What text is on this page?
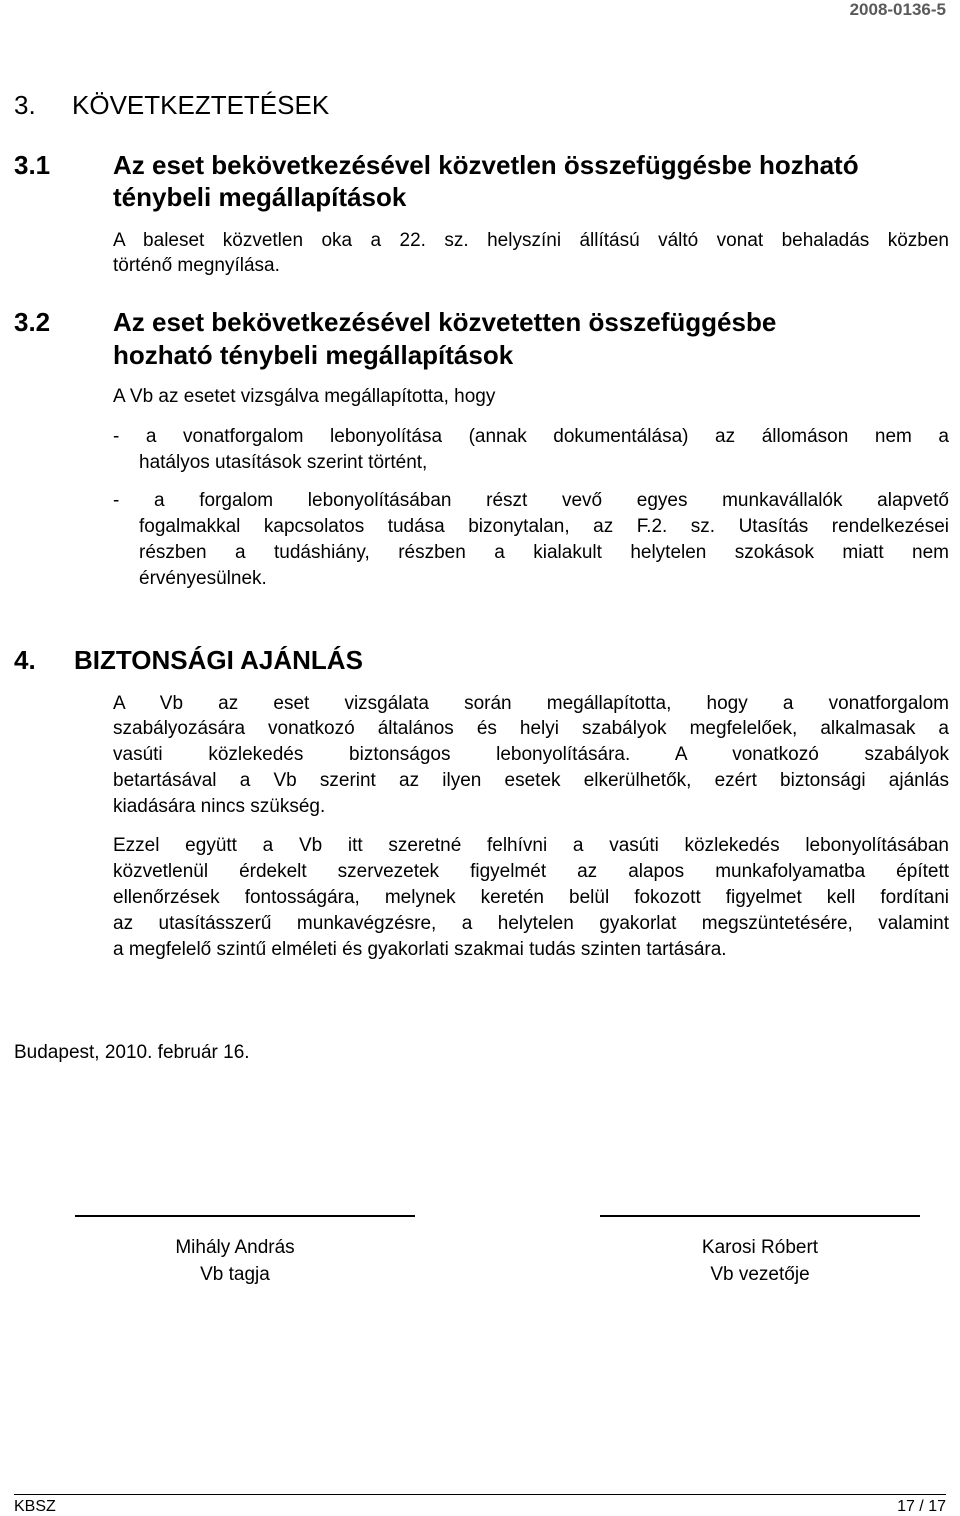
2008-0136-5
3. KÖVETKEZTETÉSEK
3.1 Az eset bekövetkezésével közvetlen összefüggésbe hozható
ténybeli megállapítások
A baleset közvetlen oka a 22. sz. helyszíni állítású váltó vonat behaladás közben
történő megnyílása.
3.2 Az eset bekövetkezésével közvetetten összefüggésbe
hozható ténybeli megállapítások
A Vb az esetet vizsgálva megállapította, hogy
- a vonatforgalom lebonyolítása (annak dokumentálása) az állomáson nem a
hatályos utasítások szerint történt,
- a forgalom lebonyolításában részt vevő egyes munkavállalók alapvető
fogalmakkal kapcsolatos tudása bizonytalan, az F.2. sz. Utasítás rendelkezései
részben a tudáshiány, részben a kialakult helytelen szokások miatt nem
érvényesülnek.
4. BIZTONSÁGI AJÁNLÁS
A Vb az eset vizsgálata során megállapította, hogy a vonatforgalom
szabályozására vonatkozó általános és helyi szabályok megfelelőek, alkalmasak a
vasúti közlekedés biztonságos lebonyolítására. A vonatkozó szabályok
betartásával a Vb szerint az ilyen esetek elkerülhetők, ezért biztonsági ajánlás
kiadására nincs szükség.
Ezzel együtt a Vb itt szeretné felhívni a vasúti közlekedés lebonyolításában
közvetlenül érdekelt szervezetek figyelmét az alapos munkafolyamatba épített
ellenőrzések fontosságára, melynek keretén belül fokozott figyelmet kell fordítani
az utasításszerű munkavégzésre, a helytelen gyakorlat megszüntetésére, valamint
a megfelelő szintű elméleti és gyakorlati szakmai tudás szinten tartására.
Budapest, 2010. február 16.
Mihály András
Vb tagja
Karosi Róbert
Vb vezetője
KBSZ	17 / 17
